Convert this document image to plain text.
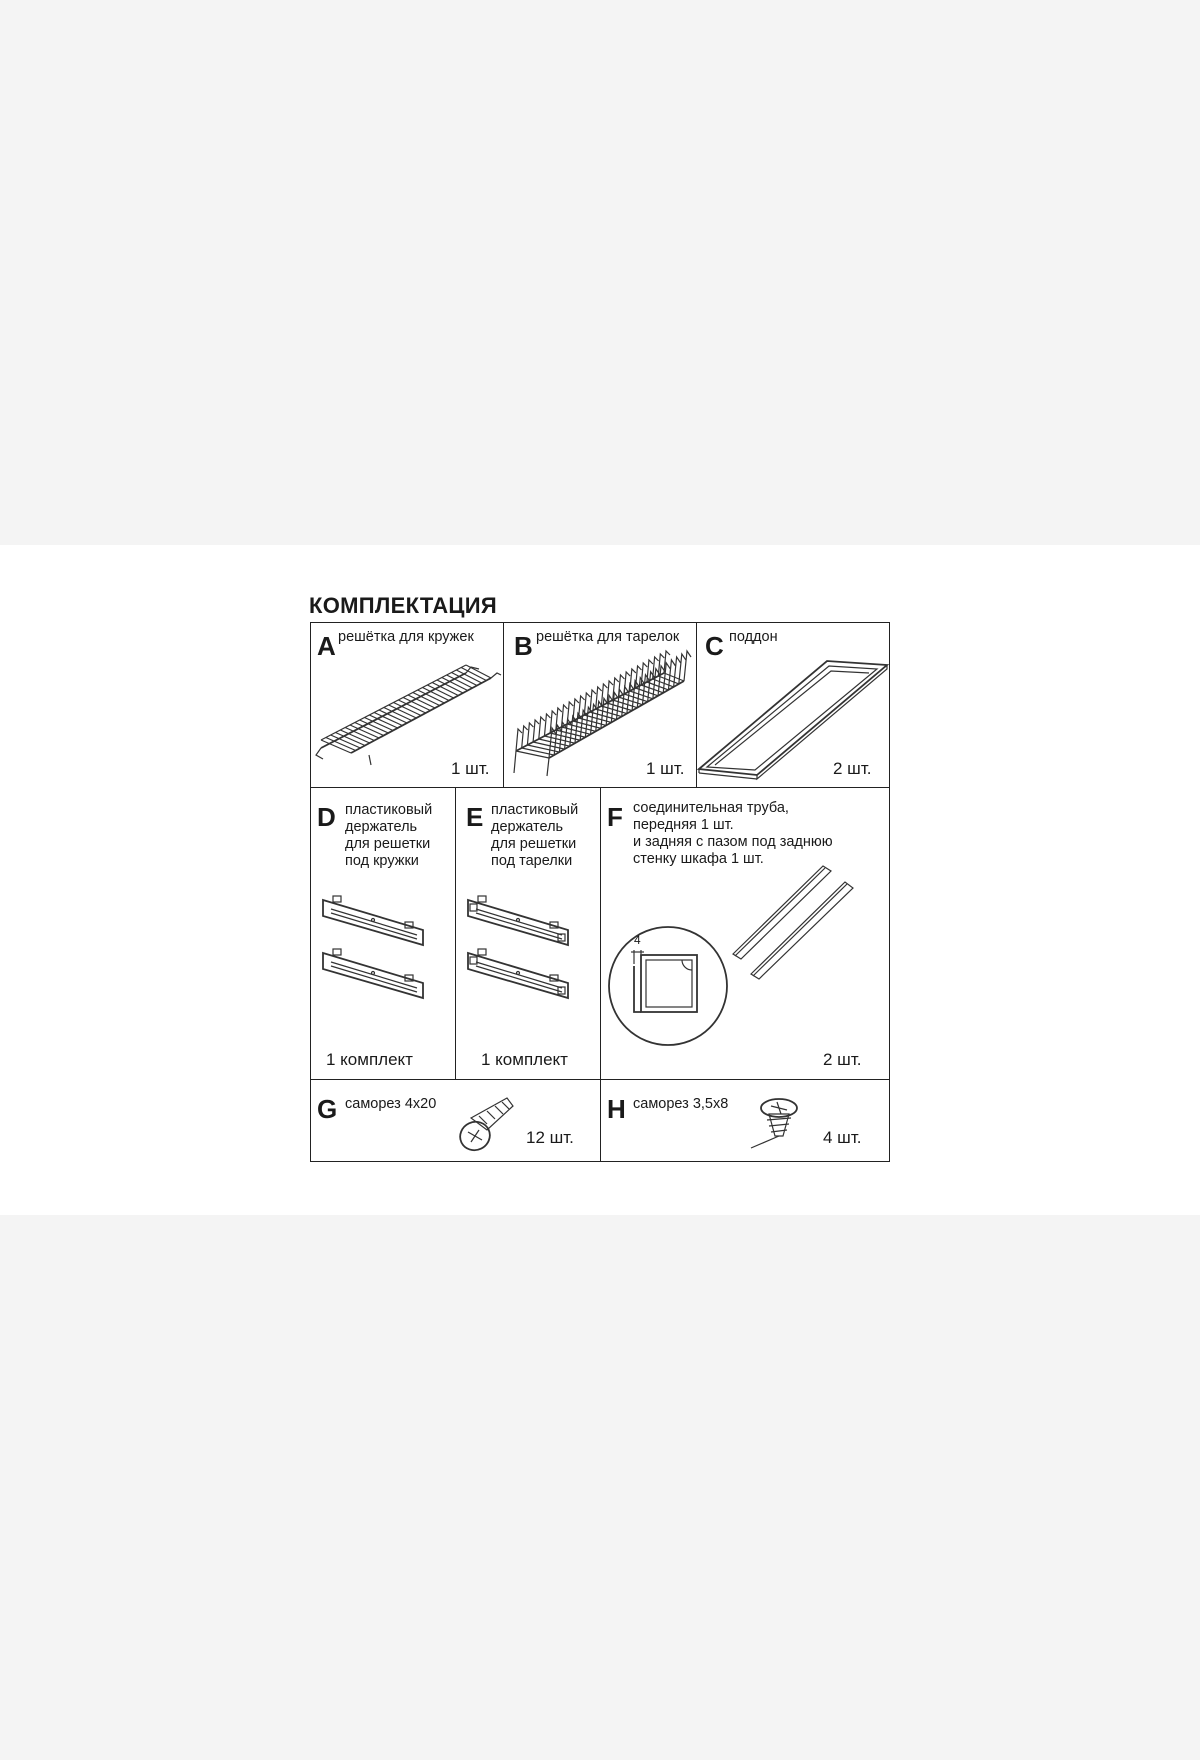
КОМПЛЕКТАЦИЯ
A решётка для кружек
1 шт.
B решётка для тарелок
1 шт.
C поддон
2 шт.
D пластиковый
держатель
для решетки
под кружки
1 комплект
E пластиковый
держатель
для решетки
под тарелки
1 комплект
F соединительная труба,
передняя 1 шт.
и задняя с пазом под заднюю
стенку шкафа 1 шт.
4
2 шт.
G саморез 4х20
12 шт.
H саморез 3,5х8
4 шт.
